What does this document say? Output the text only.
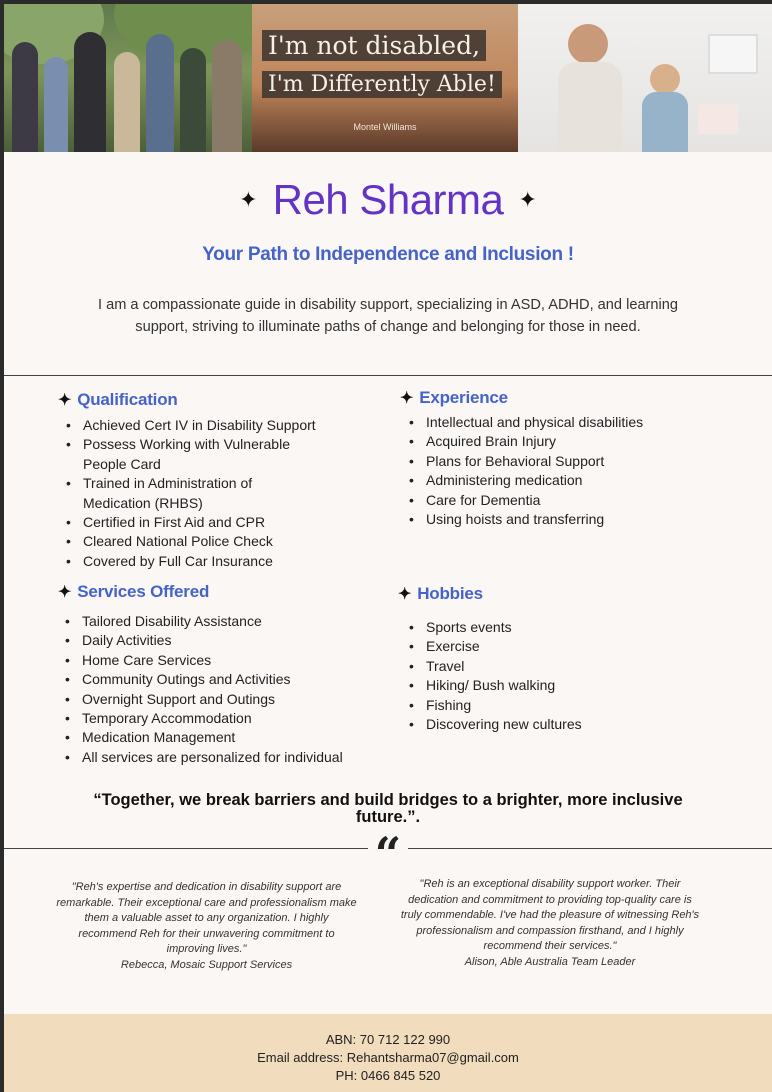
I'm not disabled,
I'm Differently Able!
Montel Williams
✦ Reh Sharma ✦
Your Path to Independence and Inclusion !
I am a compassionate guide in disability support, specializing in ASD, ADHD, and learning support, striving to illuminate paths of change and belonging for those in need.
✦ Qualification
• Achieved Cert IV in Disability Support
• Possess Working with Vulnerable People Card
• Trained in Administration of Medication (RHBS)
• Certified in First Aid and CPR
• Cleared National Police Check
• Covered by Full Car Insurance
✦ Experience
• Intellectual and physical disabilities
• Acquired Brain Injury
• Plans for Behavioral Support
• Administering medication
• Care for Dementia
• Using hoists and transferring
✦ Services Offered
• Tailored Disability Assistance
• Daily Activities
• Home Care Services
• Community Outings and Activities
• Overnight Support and Outings
• Temporary Accommodation
• Medication Management
• All services are personalized for individual
✦ Hobbies
• Sports events
• Exercise
• Travel
• Hiking/ Bush walking
• Fishing
• Discovering new cultures
“Together, we break barriers and build bridges to a brighter, more inclusive future.”.
“
"Reh's expertise and dedication in disability support are remarkable. Their exceptional care and professionalism make them a valuable asset to any organization. I highly recommend Reh for their unwavering commitment to improving lives."
Rebecca, Mosaic Support Services
"Reh is an exceptional disability support worker. Their dedication and commitment to providing top-quality care is truly commendable. I've had the pleasure of witnessing Reh's professionalism and compassion firsthand, and I highly recommend their services."
Alison, Able Australia Team Leader
ABN: 70 712 122 990
Email address: Rehantsharma07@gmail.com
PH: 0466 845 520
